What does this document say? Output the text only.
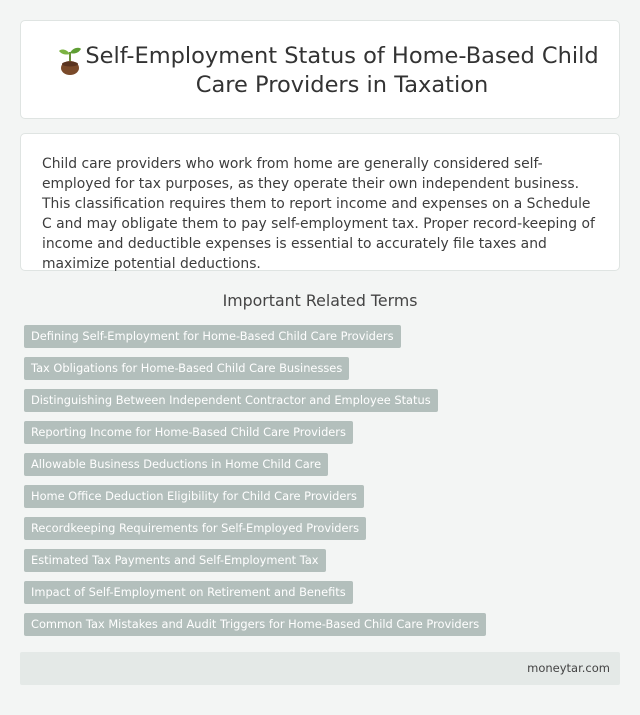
Self-Employment Status of Home-Based Child Care Providers in Taxation

Child care providers who work from home are generally considered self-employed for tax purposes, as they operate their own independent business. This classification requires them to report income and expenses on a Schedule C and may obligate them to pay self-employment tax. Proper record-keeping of income and deductible expenses is essential to accurately file taxes and maximize potential deductions.

Important Related Terms
Defining Self-Employment for Home-Based Child Care Providers
Tax Obligations for Home-Based Child Care Businesses
Distinguishing Between Independent Contractor and Employee Status
Reporting Income for Home-Based Child Care Providers
Allowable Business Deductions in Home Child Care
Home Office Deduction Eligibility for Child Care Providers
Recordkeeping Requirements for Self-Employed Providers
Estimated Tax Payments and Self-Employment Tax
Impact of Self-Employment on Retirement and Benefits
Common Tax Mistakes and Audit Triggers for Home-Based Child Care Providers
moneytar.com
